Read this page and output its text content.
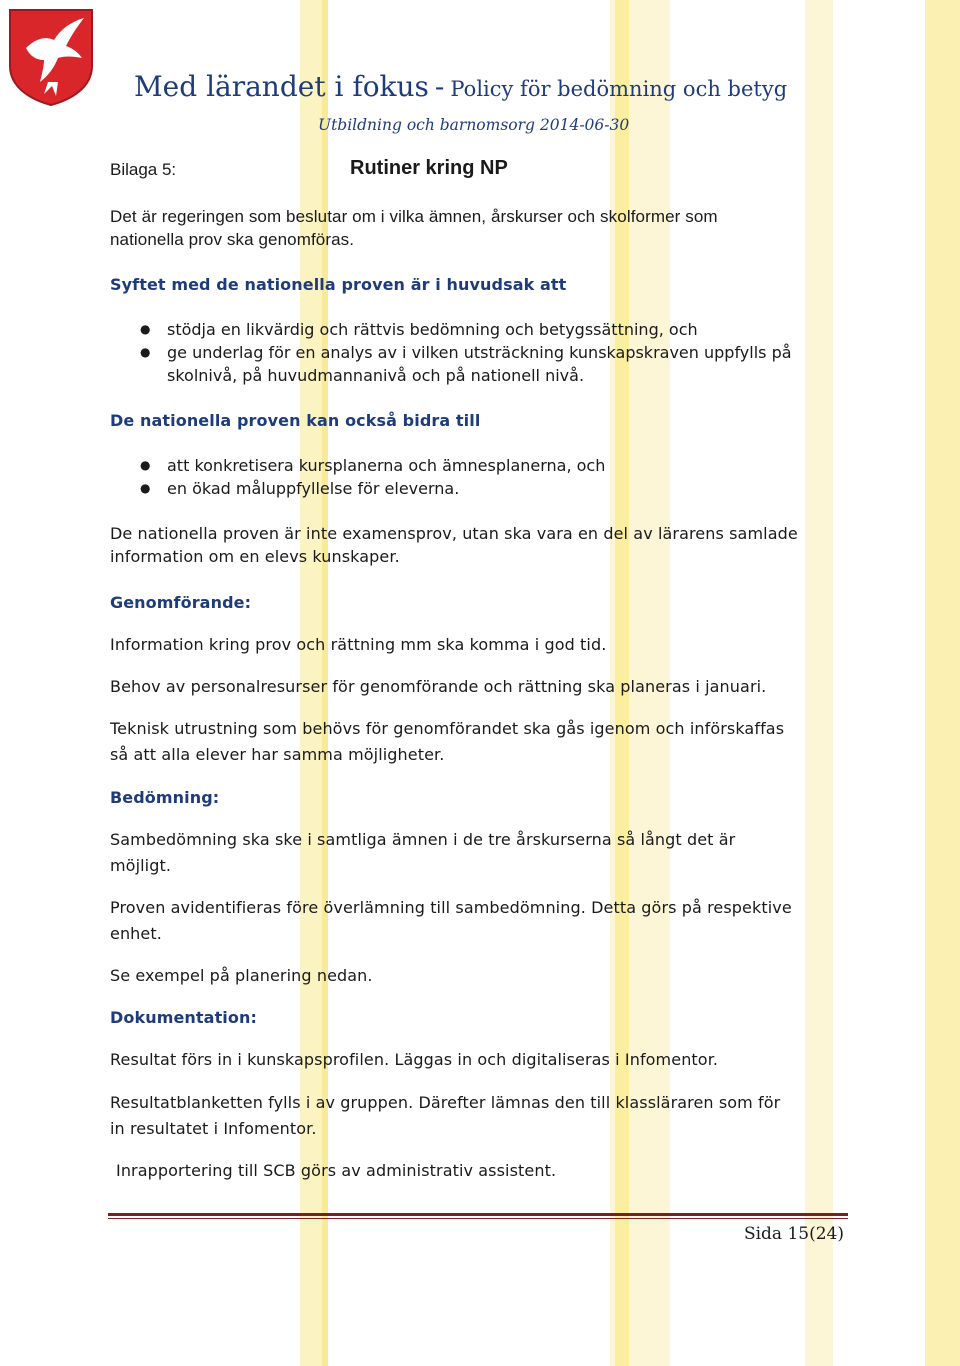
Med lärandet i fokus - Policy för bedömning och betyg
Utbildning och barnomsorg 2014-06-30
Bilaga 5:	Rutiner kring NP
Det är regeringen som beslutar om i vilka ämnen, årskurser och skolformer som
nationella prov ska genomföras.
Syftet med de nationella proven är i huvudsak att
● stödja en likvärdig och rättvis bedömning och betygssättning, och
● ge underlag för en analys av i vilken utsträckning kunskapskraven uppfylls på
skolnivå, på huvudmannanivå och på nationell nivå.
De nationella proven kan också bidra till
● att konkretisera kursplanerna och ämnesplanerna, och
● en ökad måluppfyllelse för eleverna.
De nationella proven är inte examensprov, utan ska vara en del av lärarens samlade
information om en elevs kunskaper.
Genomförande:
Information kring prov och rättning mm ska komma i god tid.
Behov av personalresurser för genomförande och rättning ska planeras i januari.
Teknisk utrustning som behövs för genomförandet ska gås igenom och införskaffas
så att alla elever har samma möjligheter.
Bedömning:
Sambedömning ska ske i samtliga ämnen i de tre årskurserna så långt det är
möjligt.
Proven avidentifieras före överlämning till sambedömning. Detta görs på respektive
enhet.
Se exempel på planering nedan.
Dokumentation:
Resultat förs in i kunskapsprofilen. Läggas in och digitaliseras i Infomentor.
Resultatblanketten fylls i av gruppen. Därefter lämnas den till klassläraren som för
in resultatet i Infomentor.
Inrapportering till SCB görs av administrativ assistent.
Sida 15(24)
